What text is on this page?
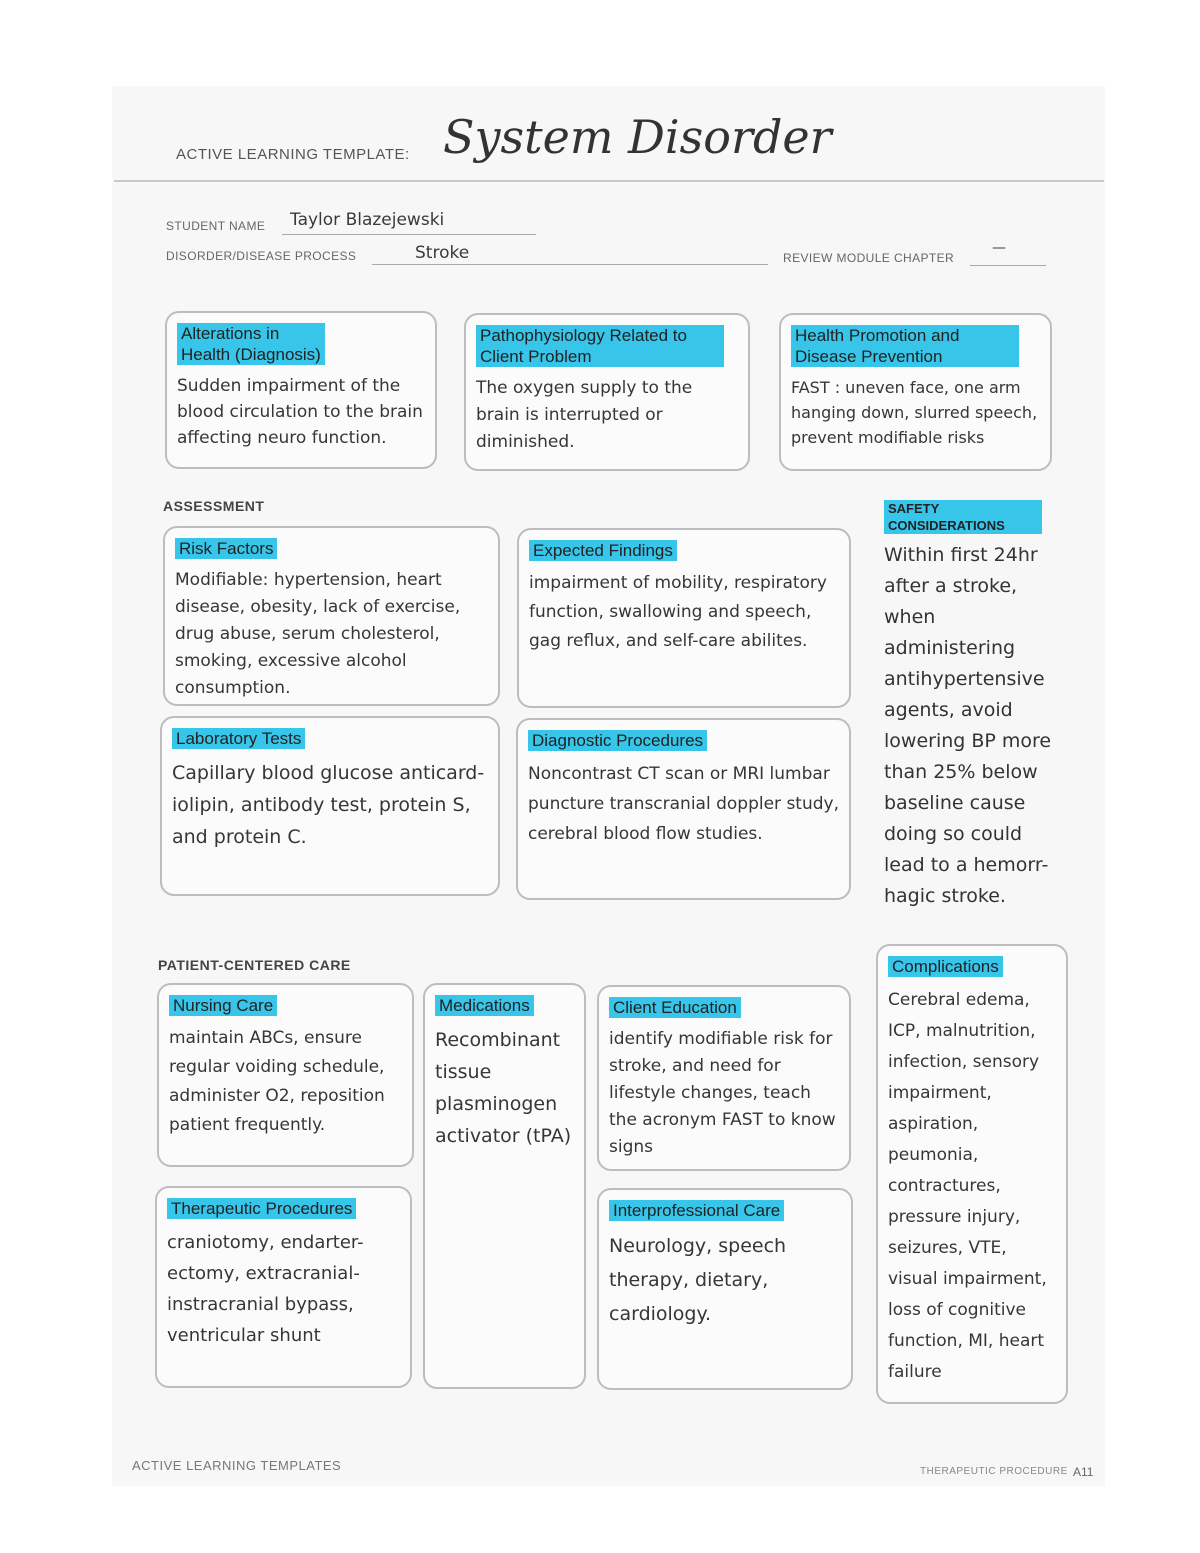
ACTIVE LEARNING TEMPLATE: System Disorder
STUDENT NAME Taylor Blazejewski
DISORDER/DISEASE PROCESS	Stroke	REVIEW MODULE CHAPTER
—
Alterations in Health (Diagnosis)
Sudden impairment of the blood circulation to the brain affecting neuro function.
Pathophysiology Related to Client Problem
The oxygen supply to the brain is interrupted or diminished.
Health Promotion and Disease Prevention
FAST : uneven face, one arm hanging down, slurred speech, prevent modifiable risks
ASSESSMENT
Risk Factors
Modifiable: hypertension, heart disease, obesity, lack of exercise, drug abuse, serum cholesterol, smoking, excessive alcohol consumption.
Expected Findings
impairment of mobility, respiratory function, swallowing and speech, gag reflux, and self-care abilites.
Laboratory Tests
Capillary blood glucose anticard-iolipin, antibody test, protein S, and protein C.
Diagnostic Procedures
Noncontrast CT scan or MRI lumbar puncture transcranial doppler study, cerebral blood flow studies.
SAFETY CONSIDERATIONS
Within first 24hr after a stroke, when administering antihypertensive agents, avoid lowering BP more than 25% below baseline cause doing so could lead to a hemorr-hagic stroke.
PATIENT-CENTERED CARE
Nursing Care
maintain ABCs, ensure regular voiding schedule, administer O2, reposition patient frequently.
Medications
Recombinant tissue plasminogen activator (tPA)
Client Education
identify modifiable risk for stroke, and need for lifestyle changes, teach the acronym FAST to know signs
Therapeutic Procedures
craniotomy, endarter-ectomy, extracranial-instracranial bypass, ventricular shunt
Interprofessional Care
Neurology, speech therapy, dietary, cardiology.
Complications
Cerebral edema, ICP, malnutrition, infection, sensory impairment, aspiration, peumonia, contractures, pressure injury, seizures, VTE, visual impairment, loss of cognitive function, MI, heart failure
ACTIVE LEARNING TEMPLATES	THERAPEUTIC PROCEDURE A11
